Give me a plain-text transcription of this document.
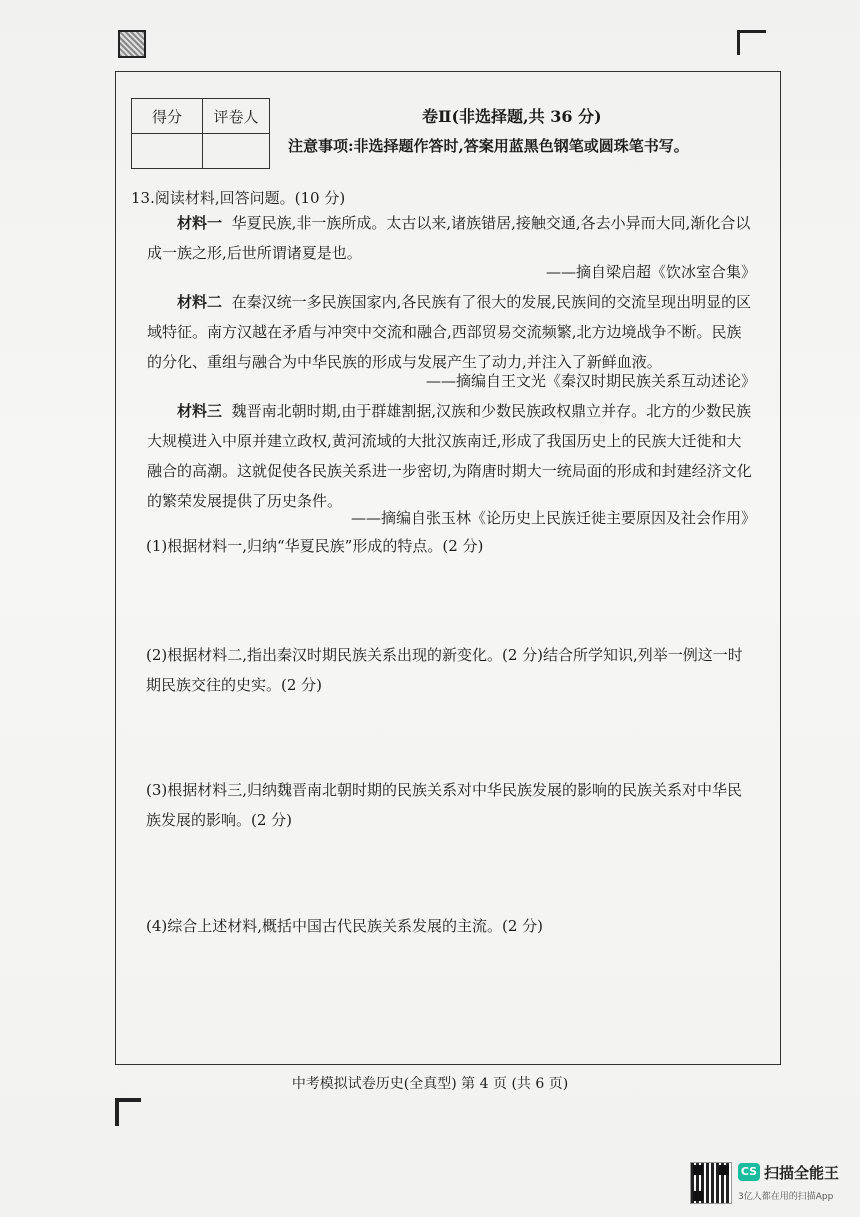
得分	评卷人
		卷Ⅱ(非选择题,共 36 分)
注意事项:非选择题作答时,答案用蓝黑色钢笔或圆珠笔书写。
13.阅读材料,回答问题。(10 分)
材料一 华夏民族,非一族所成。太古以来,诸族错居,接触交通,各去小异而大同,渐化合以成一族之形,后世所谓诸夏是也。
——摘自梁启超《饮冰室合集》
材料二 在秦汉统一多民族国家内,各民族有了很大的发展,民族间的交流呈现出明显的区域特征。南方汉越在矛盾与冲突中交流和融合,西部贸易交流频繁,北方边境战争不断。民族的分化、重组与融合为中华民族的形成与发展产生了动力,并注入了新鲜血液。
——摘编自王文光《秦汉时期民族关系互动述论》
材料三 魏晋南北朝时期,由于群雄割据,汉族和少数民族政权鼎立并存。北方的少数民族大规模进入中原并建立政权,黄河流域的大批汉族南迁,形成了我国历史上的民族大迁徙和大融合的高潮。这就促使各民族关系进一步密切,为隋唐时期大一统局面的形成和封建经济文化的繁荣发展提供了历史条件。
——摘编自张玉林《论历史上民族迁徙主要原因及社会作用》
(1)根据材料一,归纳“华夏民族”形成的特点。(2 分)
(2)根据材料二,指出秦汉时期民族关系出现的新变化。(2 分)结合所学知识,列举一例这一时期民族交往的史实。(2 分)
(3)根据材料三,归纳魏晋南北朝时期的民族关系对中华民族发展的影响的民族关系对中华民族发展的影响。(2 分)
(4)综合上述材料,概括中国古代民族关系发展的主流。(2 分)
中考模拟试卷历史(全真型) 第 4 页 (共 6 页)
CS 扫描全能王
3亿人都在用的扫描App
